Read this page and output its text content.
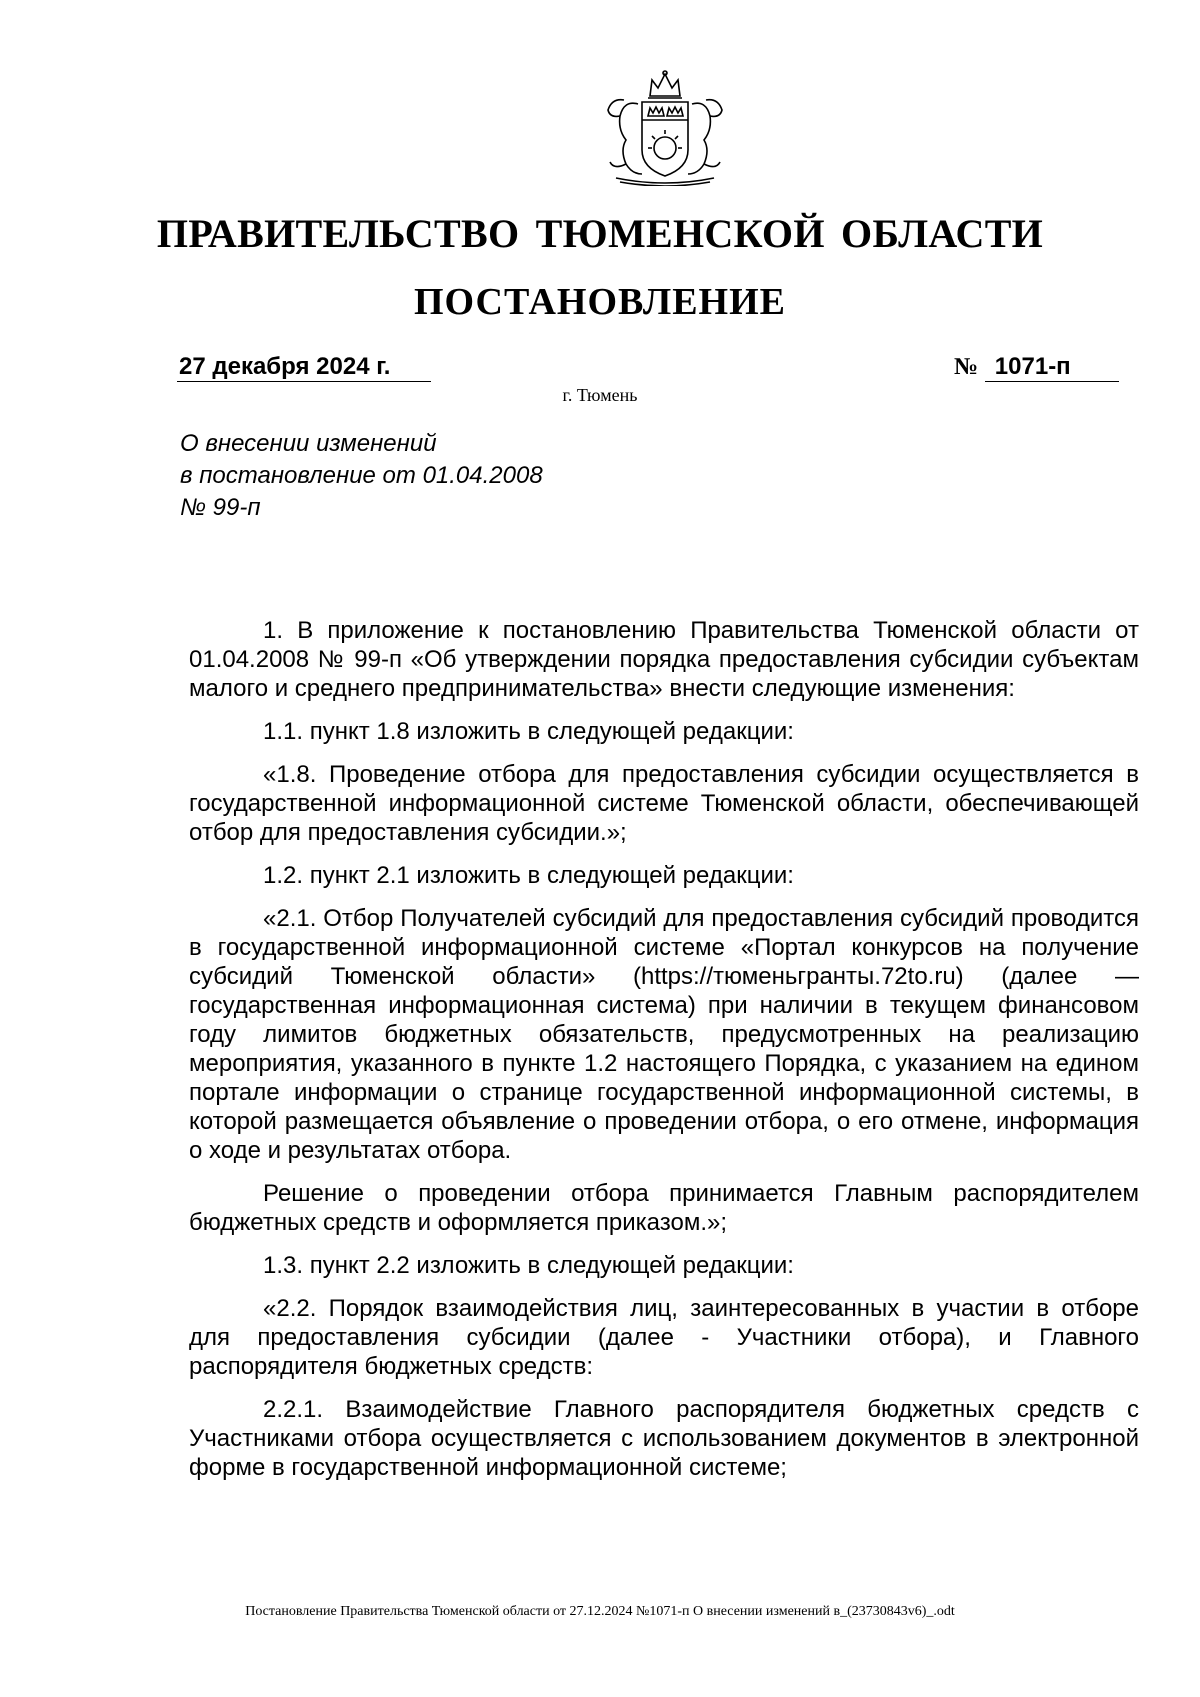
ПРАВИТЕЛЬСТВО ТЮМЕНСКОЙ ОБЛАСТИ
ПОСТАНОВЛЕНИЕ
27 декабря 2024 г.	№ 1071-п
г. Тюмень
О внесении изменений
в постановление от 01.04.2008
№ 99-п

1. В приложение к постановлению Правительства Тюменской области от 01.04.2008 № 99-п «Об утверждении порядка предоставления субсидии субъектам малого и среднего предпринимательства» внести следующие изменения:

1.1. пункт 1.8 изложить в следующей редакции:

«1.8. Проведение отбора для предоставления субсидии осуществляется в государственной информационной системе Тюменской области, обеспечивающей отбор для предоставления субсидии.»;

1.2. пункт 2.1 изложить в следующей редакции:

«2.1. Отбор Получателей субсидий для предоставления субсидий проводится в государственной информационной системе «Портал конкурсов на получение субсидий Тюменской области» (https://тюменьгранты.72to.ru) (далее — государственная информационная система) при наличии в текущем финансовом году лимитов бюджетных обязательств, предусмотренных на реализацию мероприятия, указанного в пункте 1.2 настоящего Порядка, с указанием на едином портале информации о странице государственной информационной системы, в которой размещается объявление о проведении отбора, о его отмене, информация о ходе и результатах отбора.

Решение о проведении отбора принимается Главным распорядителем бюджетных средств и оформляется приказом.»;

1.3. пункт 2.2 изложить в следующей редакции:

«2.2. Порядок взаимодействия лиц, заинтересованных в участии в отборе для предоставления субсидии (далее - Участники отбора), и Главного распорядителя бюджетных средств:

2.2.1. Взаимодействие Главного распорядителя бюджетных средств с Участниками отбора осуществляется с использованием документов в электронной форме в государственной информационной системе;

Постановление Правительства Тюменской области от 27.12.2024 №1071-п О внесении изменений в_(23730843v6)_.odt
